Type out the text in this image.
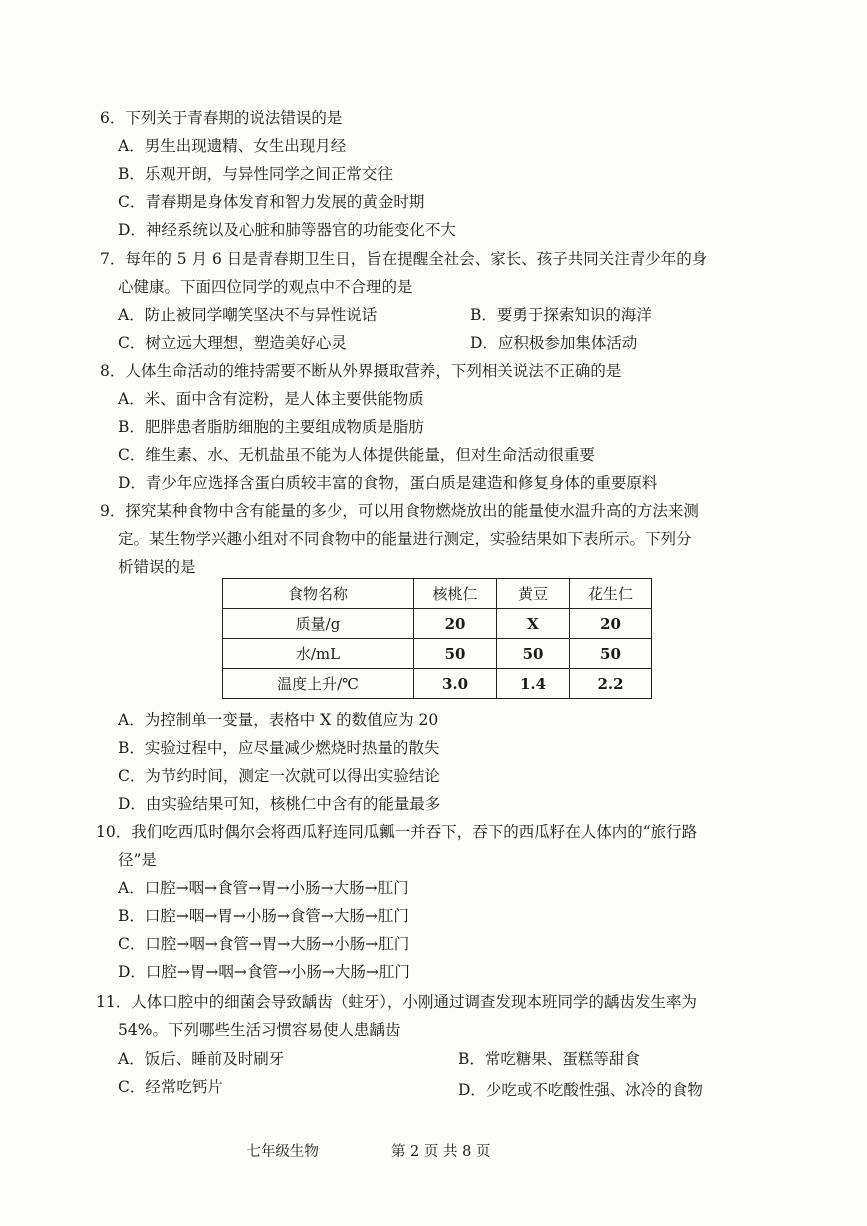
6．下列关于青春期的说法错误的是
A．男生出现遗精、女生出现月经
B．乐观开朗，与异性同学之间正常交往
C．青春期是身体发育和智力发展的黄金时期
D．神经系统以及心脏和肺等器官的功能变化不大
7．每年的 5 月 6 日是青春期卫生日，旨在提醒全社会、家长、孩子共同关注青少年的身
心健康。下面四位同学的观点中不合理的是
A．防止被同学嘲笑坚决不与异性说话	B．要勇于探索知识的海洋
C．树立远大理想，塑造美好心灵	D．应积极参加集体活动
8．人体生命活动的维持需要不断从外界摄取营养，下列相关说法不正确的是
A．米、面中含有淀粉，是人体主要供能物质
B．肥胖患者脂肪细胞的主要组成物质是脂肪
C．维生素、水、无机盐虽不能为人体提供能量，但对生命活动很重要
D．青少年应选择含蛋白质较丰富的食物，蛋白质是建造和修复身体的重要原料
9．探究某种食物中含有能量的多少，可以用食物燃烧放出的能量使水温升高的方法来测
定。某生物学兴趣小组对不同食物中的能量进行测定，实验结果如下表所示。下列分
析错误的是
食物名称	核桃仁	黄豆	花生仁
质量/g	20	X	20
水/mL	50	50	50
温度上升/℃	3.0	1.4	2.2
A．为控制单一变量，表格中 X 的数值应为 20
B．实验过程中，应尽量减少燃烧时热量的散失
C．为节约时间，测定一次就可以得出实验结论
D．由实验结果可知，核桃仁中含有的能量最多
10．我们吃西瓜时偶尔会将西瓜籽连同瓜瓤一并吞下，吞下的西瓜籽在人体内的“旅行路
径”是
A．口腔→咽→食管→胃→小肠→大肠→肛门
B．口腔→咽→胃→小肠→食管→大肠→肛门
C．口腔→咽→食管→胃→大肠→小肠→肛门
D．口腔→胃→咽→食管→小肠→大肠→肛门
11．人体口腔中的细菌会导致龋齿（蛀牙），小刚通过调查发现本班同学的龋齿发生率为
54%。下列哪些生活习惯容易使人患龋齿
A．饭后、睡前及时刷牙	B．常吃糖果、蛋糕等甜食
C．经常吃钙片	D．少吃或不吃酸性强、冰冷的食物

七年级生物	第 2 页 共 8 页
